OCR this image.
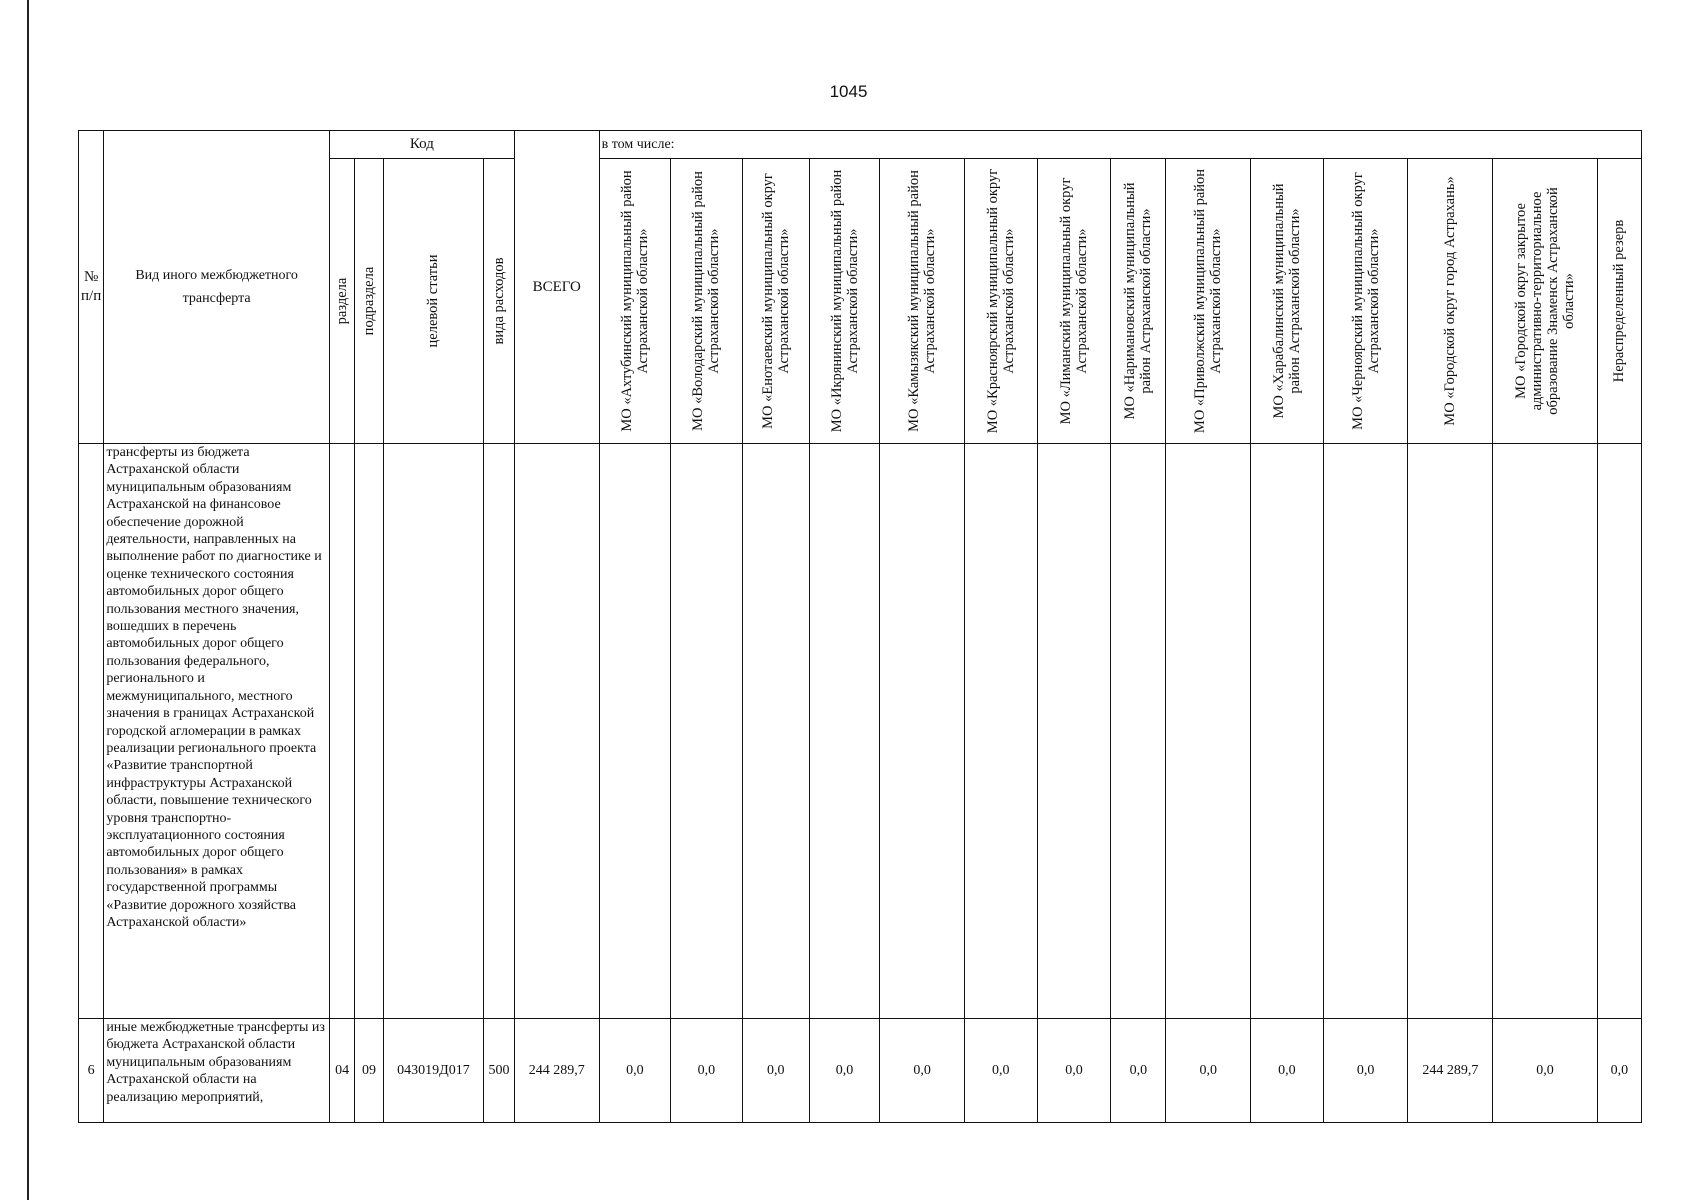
1045
№ п/п	Вид иного межбюджетного трансферта	Код				ВСЕГО	в том числе:													

		раздела	подраздела	целевой статьи	вида расходов		МО «Ахтубинский муниципальный район Астраханской области»	МО «Володарский муниципальный район Астраханской области»	МО «Енотаевский муниципальный округ Астраханской области»	МО «Икрянинский муниципальный район Астраханской области»	МО «Камызякский муниципальный район Астраханской области»	МО «Красноярский муниципальный округ Астраханской области»	МО «Лиманский муниципальный округ Астраханской области»	МО «Наримановский муниципальный район Астраханской области»	МО «Приволжский муниципальный район Астраханской области»	МО «Харабалинский муниципальный район Астраханской области»	МО «Черноярский муниципальный округ Астраханской области»	МО «Городской округ город Астрахань»	МО «Городской округ закрытое административно-территориальное образование Знаменск Астраханской области»	Нераспределенный резерв

	трансферты из бюджета Астраханской области муниципальным образованиям Астраханской на финансовое обеспечение дорожной деятельности, направленных на выполнение работ по диагностике и оценке технического состояния автомобильных дорог общего пользования местного значения, вошедших в перечень автомобильных дорог общего пользования федерального, регионального и межмуниципального, местного значения в границах Астраханской городской агломерации в рамках реализации регионального проекта «Развитие транспортной инфраструктуры Астраханской области, повышение технического уровня транспортно-эксплуатационного состояния автомобильных дорог общего пользования» в рамках государственной программы «Развитие дорожного хозяйства Астраханской области»																			
6	иные межбюджетные трансферты из бюджета Астраханской области муниципальным образованиям Астраханской области на реализацию мероприятий,	04	09	043019Д017	500	244 289,7	0,0	0,0	0,0	0,0	0,0	0,0	0,0	0,0	0,0	0,0	0,0	244 289,7	0,0	0,0
